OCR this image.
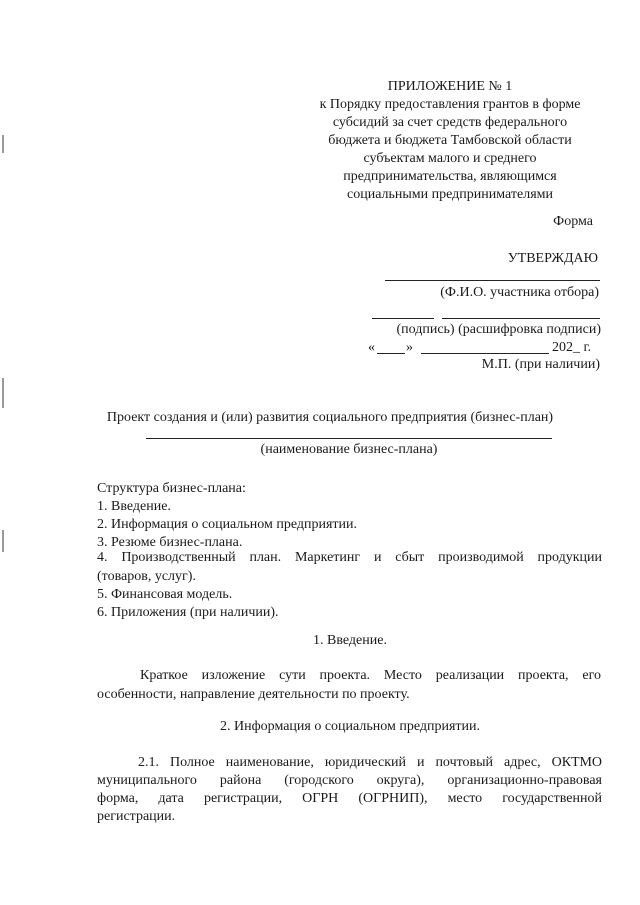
ПРИЛОЖЕНИЕ № 1
к Порядку предоставления грантов в форме
субсидий за счет средств федерального
бюджета и бюджета Тамбовской области
субъектам малого и среднего
предпринимательства, являющимся
социальными предпринимателями
Форма
УТВЕРЖДАЮ
(Ф.И.О. участника отбора)
(подпись) (расшифровка подписи)
« »	202_ г.
М.П. (при наличии)
Проект создания и (или) развития социального предприятия (бизнес-план)
(наименование бизнес-плана)
Структура бизнес-плана:
1. Введение.
2. Информация о социальном предприятии.
3. Резюме бизнес-плана.
4. Производственный план. Маркетинг и сбыт производимой продукции
(товаров, услуг).
5. Финансовая модель.
6. Приложения (при наличии).
1. Введение.
Краткое изложение сути проекта. Место реализации проекта, его
особенности, направление деятельности по проекту.
2. Информация о социальном предприятии.
2.1. Полное наименование, юридический и почтовый адрес, ОКТМО
муниципального района (городского округа), организационно-правовая
форма, дата регистрации, ОГРН (ОГРНИП), место государственной
регистрации.
